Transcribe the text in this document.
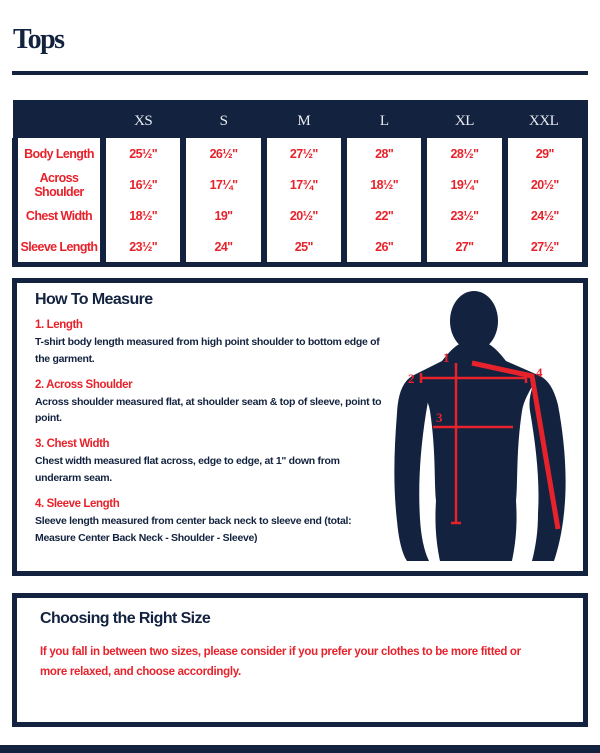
Tops
	XS	S	M	L	XL	XXL
Body Length	25½"	26½"	27½"	28"	28½"	29"
Across Shoulder	16½"	17¼"	17¾"	18½"	19¼"	20½"
Chest Width	18½"	19"	20½"	22"	23½"	24½"
Sleeve Length	23½"	24"	25"	26"	27"	27½"
How To Measure

1. Length

T-shirt body length measured from high point shoulder to bottom edge of the garment.

2. Across Shoulder

Across shoulder measured flat, at shoulder seam & top of sleeve, point to point.

3. Chest Width

Chest width measured flat across, edge to edge, at 1" down from underarm seam.

4. Sleeve Length

Sleeve length measured from center back neck to sleeve end (total: Measure Center Back Neck - Shoulder - Sleeve)

1
2
3
4
Choosing the Right Size

If you fall in between two sizes, please consider if you prefer your clothes to be more fitted or more relaxed, and choose accordingly.
